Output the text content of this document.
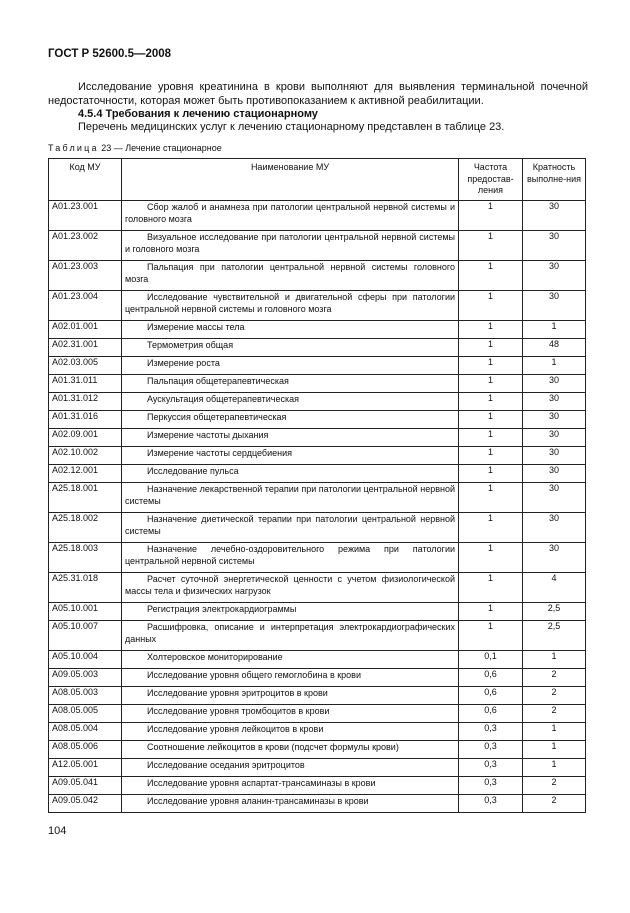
ГОСТ Р 52600.5—2008
Исследование уровня креатинина в крови выполняют для выявления терминальной почечной недостаточности, которая может быть противопоказанием к активной реабилитации.
4.5.4 Требования к лечению стационарному
Перечень медицинских услуг к лечению стационарному представлен в таблице 23.
Таблица 23 — Лечение стационарное
Код МУ	Наименование МУ	Частота предостав-ления	Кратность выполне-ния
A01.23.001	Сбор жалоб и анамнеза при патологии центральной нервной системы и головного мозга	1	30
A01.23.002	Визуальное исследование при патологии центральной нервной системы и головного мозга	1	30
A01.23.003	Пальпация при патологии центральной нервной системы головного мозга	1	30
A01.23.004	Исследование чувствительной и двигательной сферы при патологии центральной нервной системы и головного мозга	1	30
A02.01.001	Измерение массы тела	1	1
A02.31.001	Термометрия общая	1	48
A02.03.005	Измерение роста	1	1
A01.31.011	Пальпация общетерапевтическая	1	30
A01.31.012	Аускультация общетерапевтическая	1	30
A01.31.016	Перкуссия общетерапевтическая	1	30
A02.09.001	Измерение частоты дыхания	1	30
A02.10.002	Измерение частоты сердцебиения	1	30
A02.12.001	Исследование пульса	1	30
A25.18.001	Назначение лекарственной терапии при патологии центральной нервной системы	1	30
A25.18.002	Назначение диетической терапии при патологии центральной нервной системы	1	30
A25.18.003	Назначение лечебно-оздоровительного режима при патологии центральной нервной системы	1	30
A25.31.018	Расчет суточной энергетической ценности с учетом физиологической массы тела и физических нагрузок	1	4
A05.10.001	Регистрация электрокардиограммы	1	2,5
A05.10.007	Расшифровка, описание и интерпретация электрокардиографических данных	1	2,5
A05.10.004	Холтеровское мониторирование	0,1	1
A09.05.003	Исследование уровня общего гемоглобина в крови	0,6	2
A08.05.003	Исследование уровня эритроцитов в крови	0,6	2
A08.05.005	Исследование уровня тромбоцитов в крови	0,6	2
A08.05.004	Исследование уровня лейкоцитов в крови	0,3	1
A08.05.006	Соотношение лейкоцитов в крови (подсчет формулы крови)	0,3	1
A12.05.001	Исследование оседания эритроцитов	0,3	1
A09.05.041	Исследование уровня аспартат-трансаминазы в крови	0,3	2
A09.05.042	Исследование уровня аланин-трансаминазы в крови	0,3	2
104
